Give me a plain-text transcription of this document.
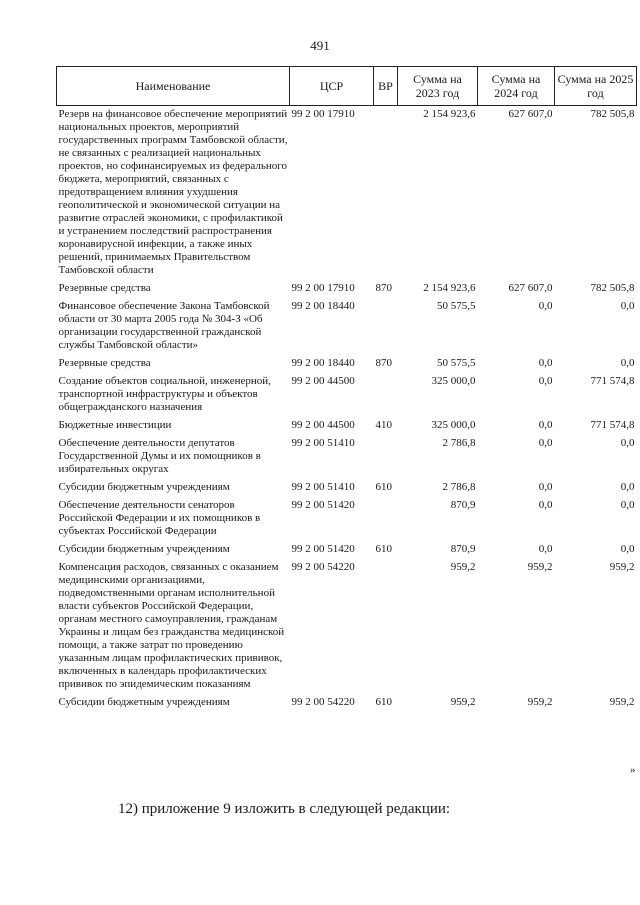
491
Наименование	ЦСР	ВР	Сумма на 2023 год	Сумма на 2024 год	Сумма на 2025 год
Резерв на финансовое обеспечение мероприятий национальных проектов, мероприятий государственных программ Тамбовской области, не связанных с реализацией национальных проектов, но софинансируемых из федерального бюджета, мероприятий, связанных с предотвращением влияния ухудшения геополитической и экономической ситуации на развитие отраслей экономики, с профилактикой и устранением последствий распространения коронавирусной инфекции, а также иных решений, принимаемых Правительством Тамбовской области	99 2 00 17910		2 154 923,6	627 607,0	782 505,8
Резервные средства	99 2 00 17910	870	2 154 923,6	627 607,0	782 505,8
Финансовое обеспечение Закона Тамбовской области от 30 марта 2005 года № 304-З «Об организации государственной гражданской службы Тамбовской области»	99 2 00 18440		50 575,5	0,0	0,0
Резервные средства	99 2 00 18440	870	50 575,5	0,0	0,0
Создание объектов социальной, инженерной, транспортной инфраструктуры и объектов общегражданского назначения	99 2 00 44500		325 000,0	0,0	771 574,8
Бюджетные инвестиции	99 2 00 44500	410	325 000,0	0,0	771 574,8
Обеспечение деятельности депутатов Государственной Думы и их помощников в избирательных округах	99 2 00 51410		2 786,8	0,0	0,0
Субсидии бюджетным учреждениям	99 2 00 51410	610	2 786,8	0,0	0,0
Обеспечение деятельности сенаторов Российской Федерации и их помощников в субъектах Российской Федерации	99 2 00 51420		870,9	0,0	0,0
Субсидии бюджетным учреждениям	99 2 00 51420	610	870,9	0,0	0,0
Компенсация расходов, связанных с оказанием медицинскими организациями, подведомственными органам исполнительной власти субъектов Российской Федерации, органам местного самоуправления, гражданам Украины и лицам без гражданства медицинской помощи, а также затрат по проведению указанным лицам профилактических прививок, включенных в календарь профилактических прививок по эпидемическим показаниям	99 2 00 54220		959,2	959,2	959,2
Субсидии бюджетным учреждениям	99 2 00 54220	610	959,2	959,2	959,2
»
12) приложение 9 изложить в следующей редакции:
